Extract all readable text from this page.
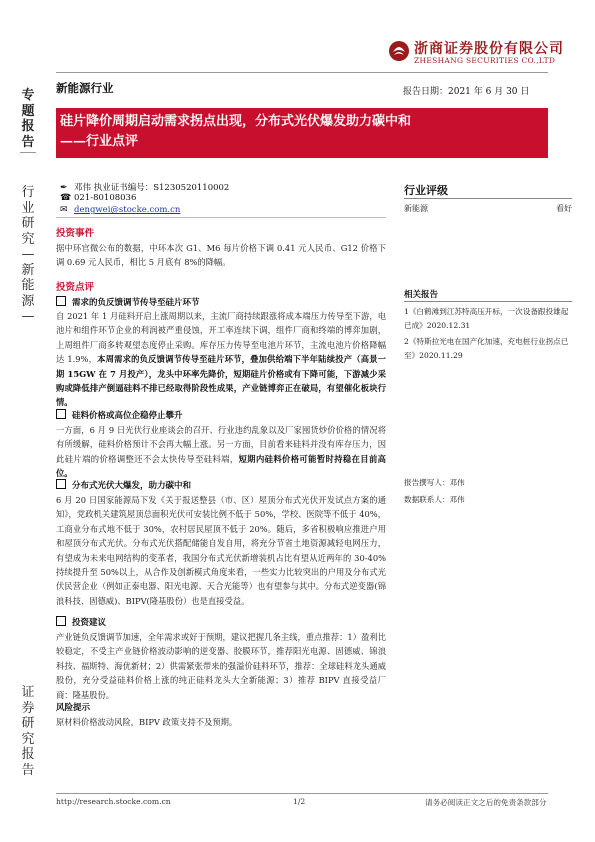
浙商证券股份有限公司
ZHESHANG SECURITIES CO.,LTD
专题报告
行业研究—新能源—
证券研究报告
新能源行业	报告日期：2021 年 6 月 30 日
硅片降价周期启动需求拐点出现，分布式光伏爆发助力碳中和
——行业点评
✒ 邓伟 执业证书编号：S1230520110002
☎ 021-80108036
✉ dengwei@stocke.com.cn
投资事件
据中环官微公布的数据，中环本次 G1、M6 每片价格下调 0.41 元人民币、G12 价格下调 0.69 元人民币，相比 5 月底有 8%的降幅。
投资点评
需求的负反馈调节传导至硅片环节
自 2021 年 1 月硅料开启上涨周期以来，主流厂商持续跟涨将成本端压力传导至下游，电池片和组件环节企业的利润被严重侵蚀，开工率连续下调，组件厂商和终端的博弈加剧，上周组件厂商多转观望态度停止采购。库存压力传导至电池片环节，主流电池片价格降幅达 1.9%，本周需求的负反馈调节传导至硅片环节，叠加供给端下半年陆续投产（高景一期 15GW 在 7 月投产），龙头中环率先降价，短期硅片价格或有下降可能，下游减少采购或降低排产倒逼硅料不排已经取得阶段性成果，产业链博弈正在破局，有望催化板块行情。
硅料价格或高位企稳停止攀升
一方面，6 月 9 日光伏行业座谈会的召开、行业违约乱象以及厂家囤货炒价价格的情况将有所缓解，硅料价格预计不会再大幅上涨。另一方面，目前看来硅料并没有库存压力，因此硅片端的价格调整还不会太快传导至硅料端，短期内硅料价格可能暂时持稳在目前高位。
分布式光伏大爆发，助力碳中和
6 月 20 日国家能源局下发《关于报送整县（市、区）屋顶分布式光伏开发试点方案的通知》，党政机关建筑屋顶总面积光伏可安装比例不低于 50%，学校、医院等不低于 40%，工商业分布式地不低于 30%，农村居民屋顶不低于 20%。随后，多省积极响应推进户用和屋顶分布式光伏。分布式光伏搭配储能自发自用，将充分节省土地资源减轻电网压力，有望成为未来电网结构的变革者，我国分布式光伏新增装机占比有望从近两年的 30-40%持续提升至 50%以上，从合作及创新模式角度来看，一些实力比较突出的户用及分布式光伏民营企业（例如正泰电器、阳光电源、天合光能等）也有望参与其中。分布式逆变器(锦浪科技、固德威)、BIPV(隆基股份）也是直接受益。
投资建议
产业链负反馈调节加速，全年需求或好于预期，建议把握几条主线，重点推荐：1）盈利比较稳定，不受主产业链价格波动影响的逆变器、胶膜环节，推荐阳光电源、固德威、锦浪科技、福斯特、海优新材；2）供需紧张带来的强溢价硅料环节，推荐：全球硅料龙头通威股份，充分受益硅料价格上涨的纯正硅料龙头大全新能源；3）推荐 BIPV 直接受益厂商：隆基股份。
风险提示
原材料价格波动风险，BIPV 政策支持不及预期。
行业评级
新能源	看好
相关报告
1《白鹤滩到江苏特高压开标，一次设备跟投雄起已成》2020.12.31
2《特斯拉光电在国产化加速，充电桩行业拐点已至》2020.11.29
报告撰写人：邓伟
数据联系人：邓伟
http://research.stocke.com.cn	1/2	请务必阅读正文之后的免责条款部分
